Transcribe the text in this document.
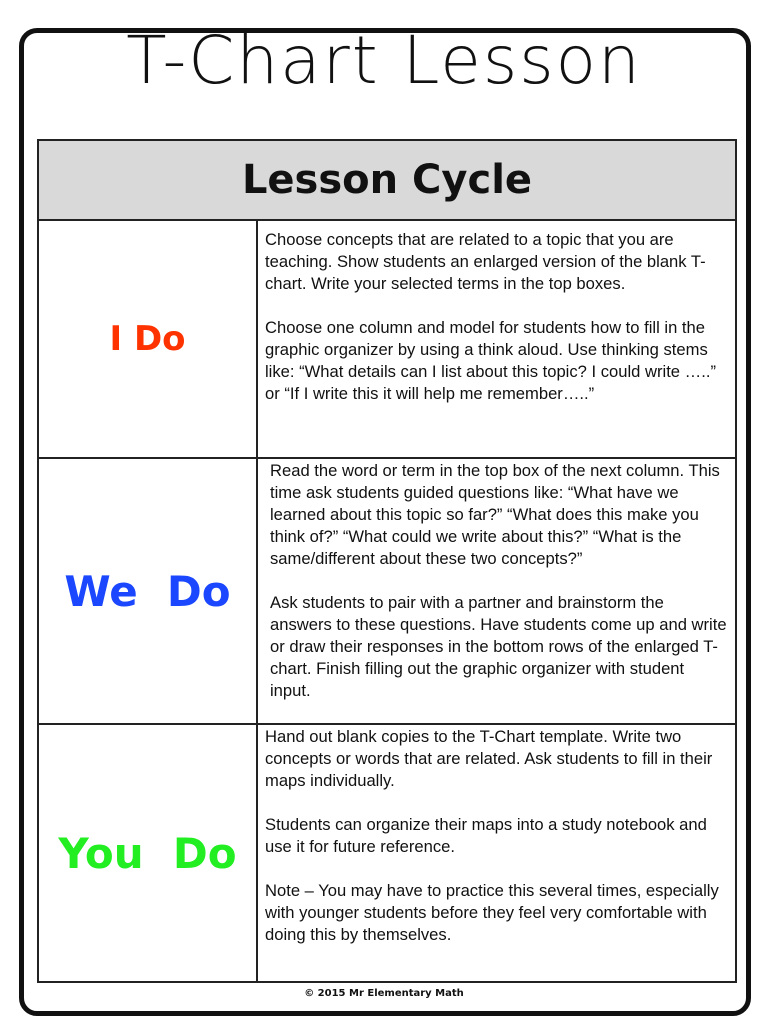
T-Chart Lesson
Lesson Cycle
I Do

Choose concepts that are related to a topic that you are teaching. Show students an enlarged version of the blank T-chart. Write your selected terms in the top boxes.

Choose one column and model for students how to fill in the graphic organizer by using a think aloud. Use thinking stems like: “What details can I list about this topic? I could write …..” or “If I write this it will help me remember…..”

We  Do

Read the word or term in the top box of the next column. This time ask students guided questions like: “What have we learned about this topic so far?” “What does this make you think of?” “What could we write about this?” “What is the same/different about these two concepts?”

Ask students to pair with a partner and brainstorm the answers to these questions. Have students come up and write or draw their responses in the bottom rows of the enlarged T-chart. Finish filling out the graphic organizer with student input.

You  Do

Hand out blank copies to the T-Chart template. Write two concepts or words that are related. Ask students to fill in their maps individually.

Students can organize their maps into a study notebook and use it for future reference.

Note – You may have to practice this several times, especially with younger students before they feel very comfortable with doing this by themselves.

© 2015 Mr Elementary Math
